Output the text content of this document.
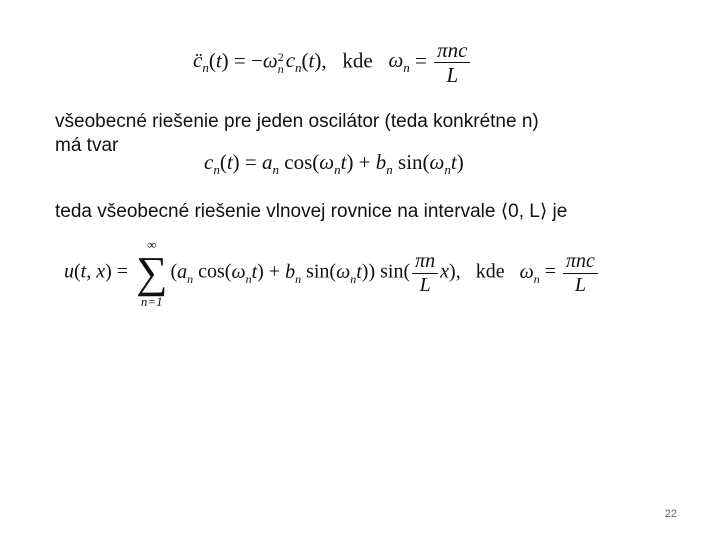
$c̈_n(t) = -\omega$ 2
n $c_n(t)$,   kde $\omega_n = \frac{\text{πnc}}{L}$
všeobecné riešenie pre jeden oscilátor (teda konkrétne n)
má tvar
$c_n(t) = a_n$ $\cos(\omega_nt) + b_n$ $\sin(\omega_nt)$
teda všeobecné riešenie vlnovej rovnice na intervale ⟨0, L⟩ je
u(t, x) =
∞
∑
n=1
($a_n$ $\cos(\omega_nt) + b_n$ $\sin(\omega_nt)$) $\sin( \frac{\pi n}{L} x)$,   kde $\omega_n = \frac{\text{πnc}}{L}$
22
